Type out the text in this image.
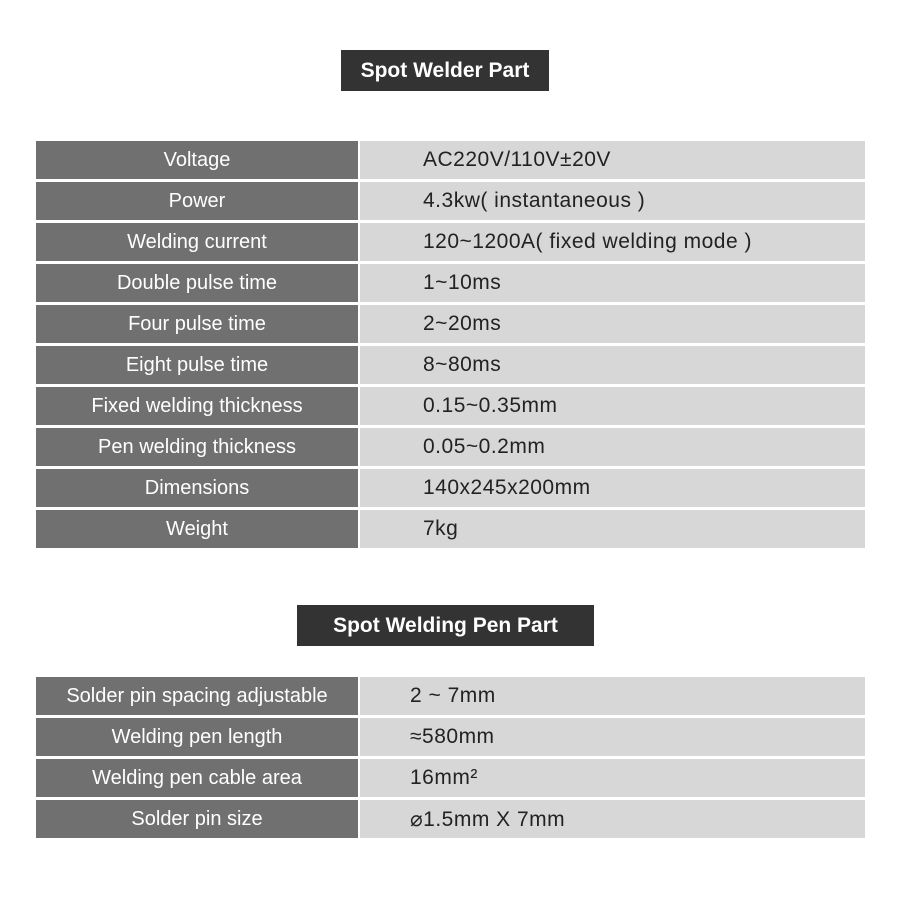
Spot Welder Part
Voltage	AC220V/110V±20V
Power	4.3kw( instantaneous )
Welding current	120~1200A( fixed welding mode )
Double pulse time	1~10ms
Four pulse time	2~20ms
Eight pulse time	8~80ms
Fixed welding thickness	0.15~0.35mm
Pen welding thickness	0.05~0.2mm
Dimensions	140x245x200mm
Weight	7kg
Spot Welding Pen Part
Solder pin spacing adjustable	2 ~ 7mm
Welding pen length	≈580mm
Welding pen cable area	16mm²
Solder pin size	⌀1.5mm X 7mm
